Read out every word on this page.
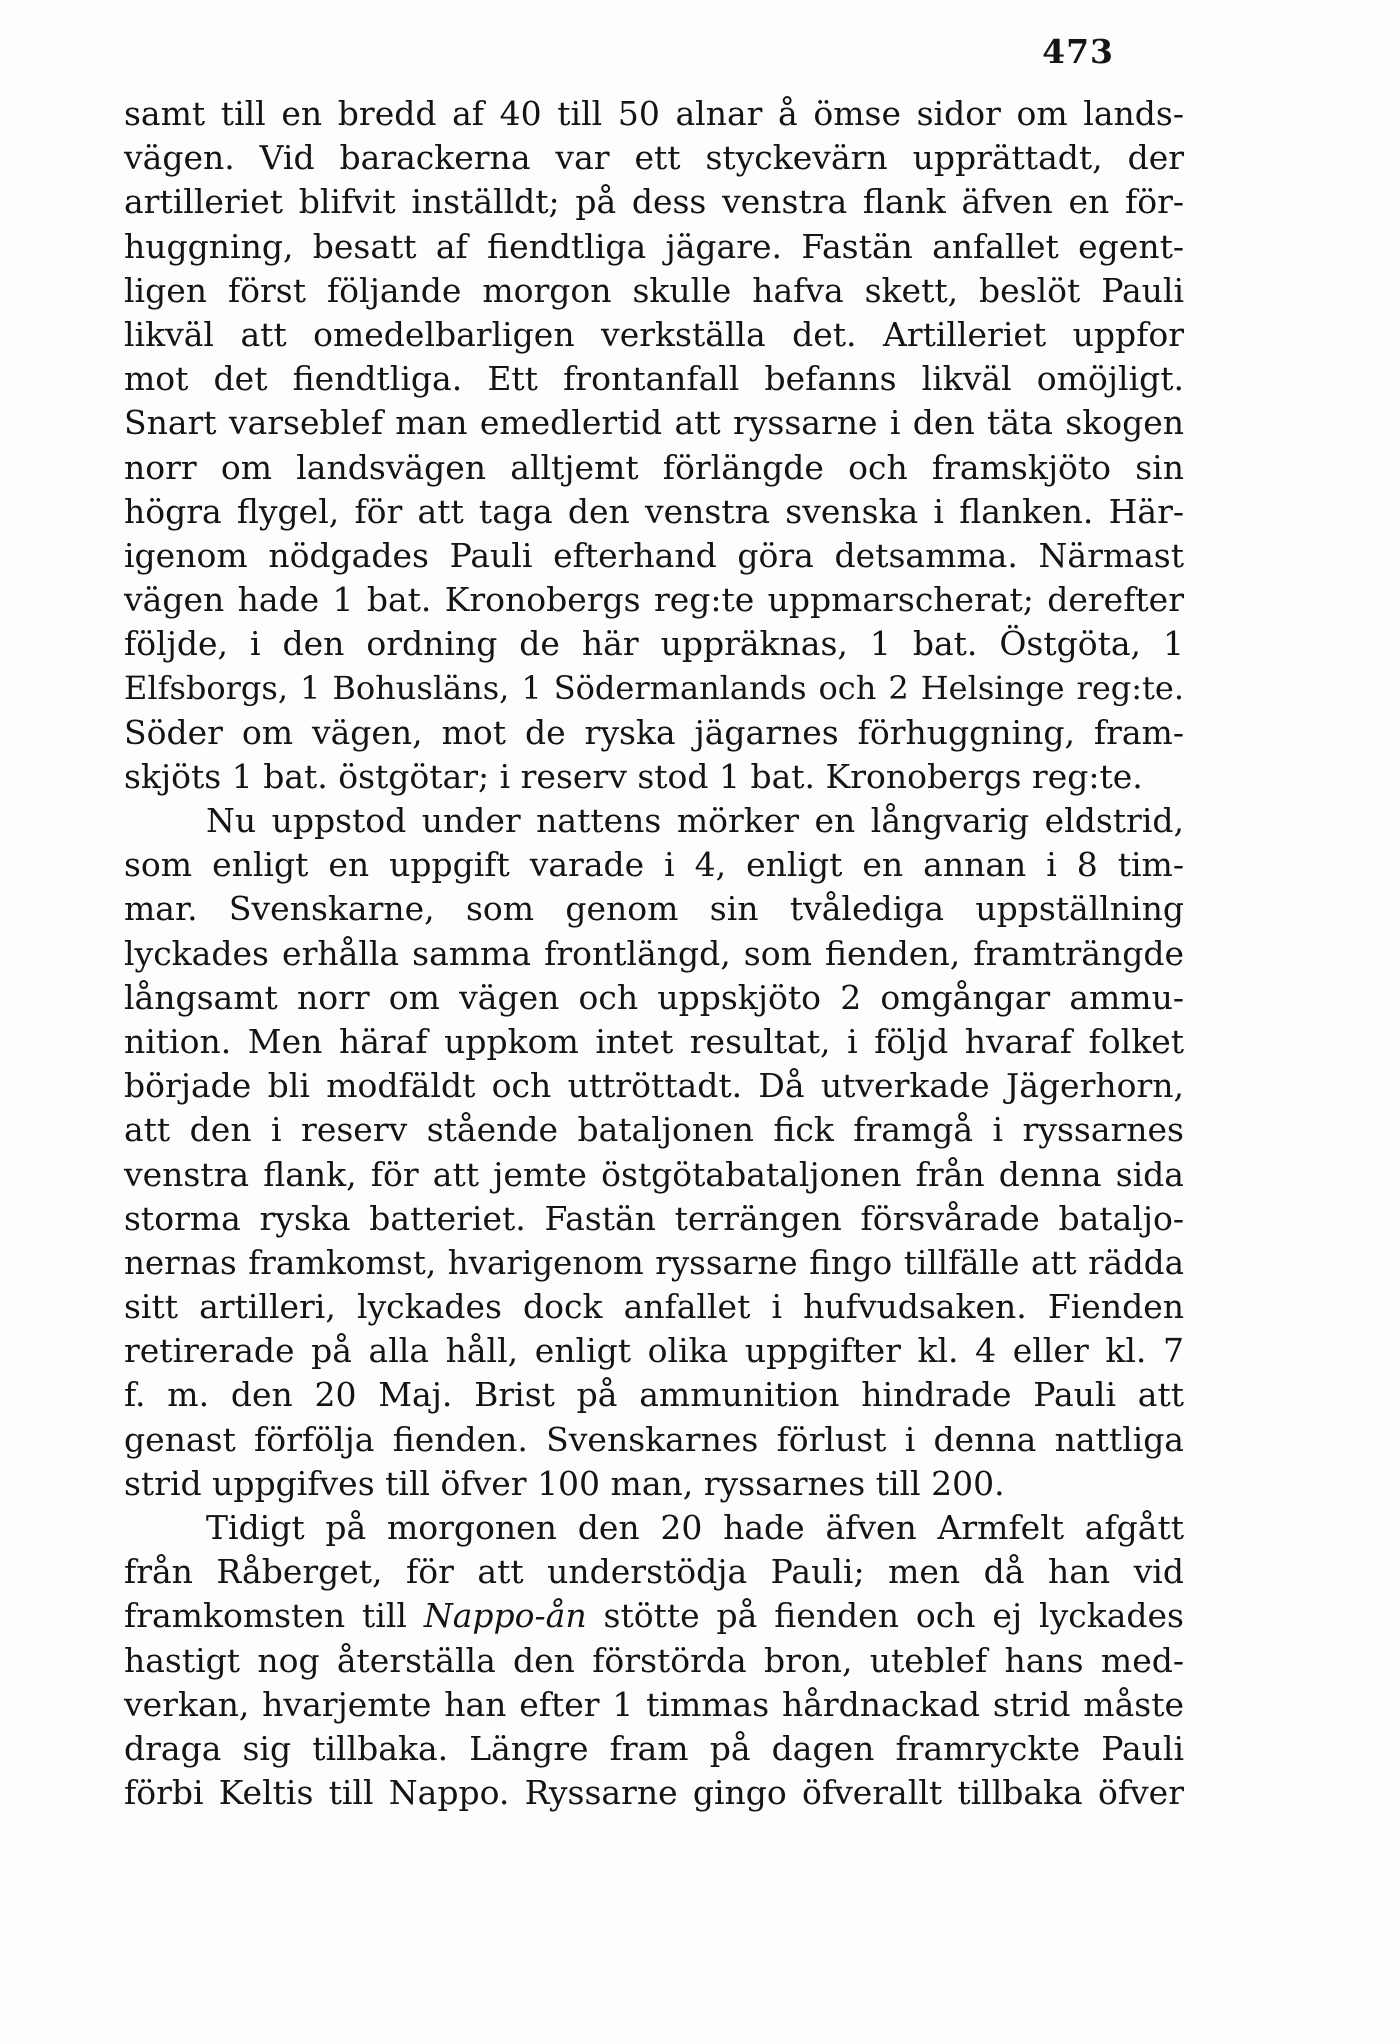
473
samt till en bredd af 40 till 50 alnar å ömse sidor om lands-
vägen. Vid barackerna var ett styckevärn upprättadt, der
artilleriet blifvit inställdt; på dess venstra flank äfven en för-
huggning, besatt af fiendtliga jägare. Fastän anfallet egent-
ligen först följande morgon skulle hafva skett, beslöt Pauli
likväl att omedelbarligen verkställa det. Artilleriet uppfor
mot det fiendtliga. Ett frontanfall befanns likväl omöjligt.
Snart varseblef man emedlertid att ryssarne i den täta skogen
norr om landsvägen alltjemt förlängde och framskjöto sin
högra flygel, för att taga den venstra svenska i flanken. Här-
igenom nödgades Pauli efterhand göra detsamma. Närmast
vägen hade 1 bat. Kronobergs reg:te uppmarscherat; derefter
följde, i den ordning de här uppräknas, 1 bat. Östgöta, 1
Elfsborgs, 1 Bohusläns, 1 Södermanlands och 2 Helsinge reg:te.
Söder om vägen, mot de ryska jägarnes förhuggning, fram-
skjöts 1 bat. östgötar; i reserv stod 1 bat. Kronobergs reg:te.
Nu uppstod under nattens mörker en långvarig eldstrid,
som enligt en uppgift varade i 4, enligt en annan i 8 tim-
mar. Svenskarne, som genom sin tvålediga uppställning
lyckades erhålla samma frontlängd, som fienden, framträngde
långsamt norr om vägen och uppskjöto 2 omgångar ammu-
nition. Men häraf uppkom intet resultat, i följd hvaraf folket
började bli modfäldt och uttröttadt. Då utverkade Jägerhorn,
att den i reserv stående bataljonen fick framgå i ryssarnes
venstra flank, för att jemte östgötabataljonen från denna sida
storma ryska batteriet. Fastän terrängen försvårade bataljo-
nernas framkomst, hvarigenom ryssarne fingo tillfälle att rädda
sitt artilleri, lyckades dock anfallet i hufvudsaken. Fienden
retirerade på alla håll, enligt olika uppgifter kl. 4 eller kl. 7
f. m. den 20 Maj. Brist på ammunition hindrade Pauli att
genast förfölja fienden. Svenskarnes förlust i denna nattliga
strid uppgifves till öfver 100 man, ryssarnes till 200.
Tidigt på morgonen den 20 hade äfven Armfelt afgått
från Råberget, för att understödja Pauli; men då han vid
framkomsten till Nappo-ån stötte på fienden och ej lyckades
hastigt nog återställa den förstörda bron, uteblef hans med-
verkan, hvarjemte han efter 1 timmas hårdnackad strid måste
draga sig tillbaka. Längre fram på dagen framryckte Pauli
förbi Keltis till Nappo. Ryssarne gingo öfverallt tillbaka öfver
